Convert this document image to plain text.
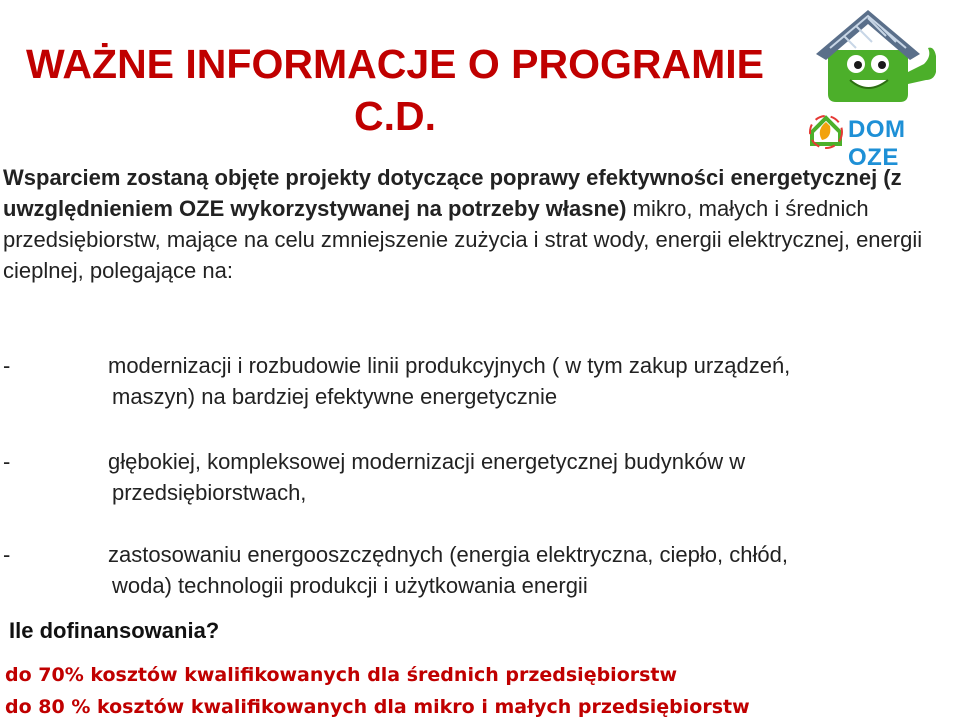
WAŻNE INFORMACJE O PROGRAMIE
C.D.	DOM OZE

Wsparciem zostaną objęte projekty dotyczące poprawy efektywności energetycznej (z uwzględnieniem OZE wykorzystywanej na potrzeby własne) mikro, małych i średnich przedsiębiorstw, mające na celu zmniejszenie zużycia i strat wody, energii elektrycznej, energii cieplnej, polegające na:

-	modernizacji i rozbudowie linii produkcyjnych ( w tym zakup urządzeń,
maszyn) na bardziej efektywne energetycznie
-	głębokiej, kompleksowej modernizacji energetycznej budynków w
przedsiębiorstwach,
-	zastosowaniu energooszczędnych (energia elektryczna, ciepło, chłód,
woda) technologii produkcji i użytkowania energii
Ile dofinansowania?
do 70% kosztów kwalifikowanych dla średnich przedsiębiorstw
do 80 % kosztów kwalifikowanych dla mikro i małych przedsiębiorstw
